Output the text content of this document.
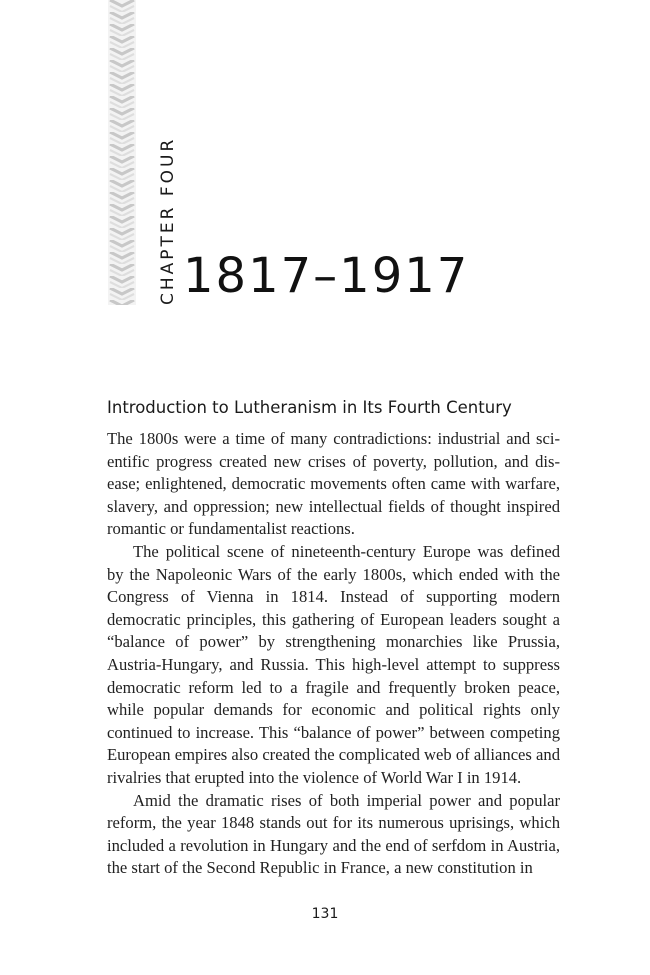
CHAPTER FOUR 1817–1917
Introduction to Lutheranism in Its Fourth Century

The 1800s were a time of many contradictions: industrial and scientific progress created new crises of poverty, pollution, and disease; enlightened, democratic movements often came with warfare, slavery, and oppression; new intellectual fields of thought inspired romantic or fundamentalist reactions.

The political scene of nineteenth-century Europe was defined by the Napoleonic Wars of the early 1800s, which ended with the Congress of Vienna in 1814. Instead of supporting modern democratic principles, this gathering of European leaders sought a “balance of power” by strengthening monarchies like Prussia, Austria-Hungary, and Russia. This high-level attempt to suppress democratic reform led to a fragile and frequently broken peace, while popular demands for economic and political rights only continued to increase. This “balance of power” between competing European empires also created the complicated web of alliances and rivalries that erupted into the violence of World War I in 1914.

Amid the dramatic rises of both imperial power and popular reform, the year 1848 stands out for its numerous uprisings, which included a revolution in Hungary and the end of serfdom in Austria, the start of the Second Republic in France, a new constitution in

131
